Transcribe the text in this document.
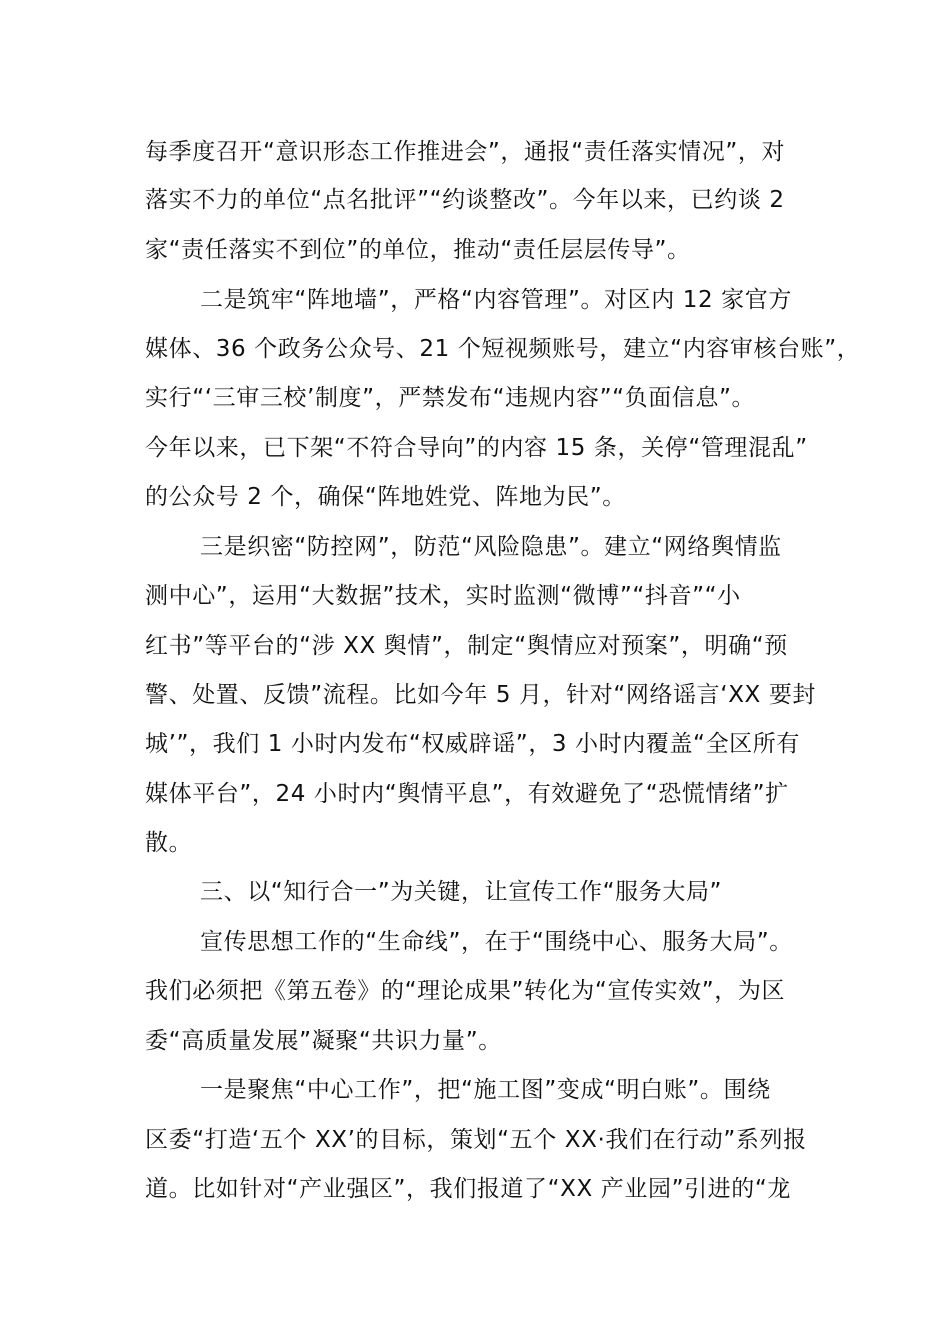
每季度召开“意识形态工作推进会”，通报“责任落实情况”，对
落实不力的单位“点名批评”“约谈整改”。今年以来，已约谈 2
家“责任落实不到位”的单位，推动“责任层层传导”。
二是筑牢“阵地墙”，严格“内容管理”。对区内 12 家官方
媒体、36 个政务公众号、21 个短视频账号，建立“内容审核台账”，
实行“‘三审三校’制度”，严禁发布“违规内容”“负面信息”。
今年以来，已下架“不符合导向”的内容 15 条，关停“管理混乱”
的公众号 2 个，确保“阵地姓党、阵地为民”。
三是织密“防控网”，防范“风险隐患”。建立“网络舆情监
测中心”，运用“大数据”技术，实时监测“微博”“抖音”“小
红书”等平台的“涉 XX 舆情”，制定“舆情应对预案”，明确“预
警、处置、反馈”流程。比如今年 5 月，针对“网络谣言‘XX 要封
城’”，我们 1 小时内发布“权威辟谣”，3 小时内覆盖“全区所有
媒体平台”，24 小时内“舆情平息”，有效避免了“恐慌情绪”扩
散。
三、以“知行合一”为关键，让宣传工作“服务大局”
宣传思想工作的“生命线”，在于“围绕中心、服务大局”。
我们必须把《第五卷》的“理论成果”转化为“宣传实效”，为区
委“高质量发展”凝聚“共识力量”。
一是聚焦“中心工作”，把“施工图”变成“明白账”。围绕
区委“打造‘五个 XX’的目标，策划“五个 XX·我们在行动”系列报
道。比如针对“产业强区”，我们报道了“XX 产业园”引进的“龙
